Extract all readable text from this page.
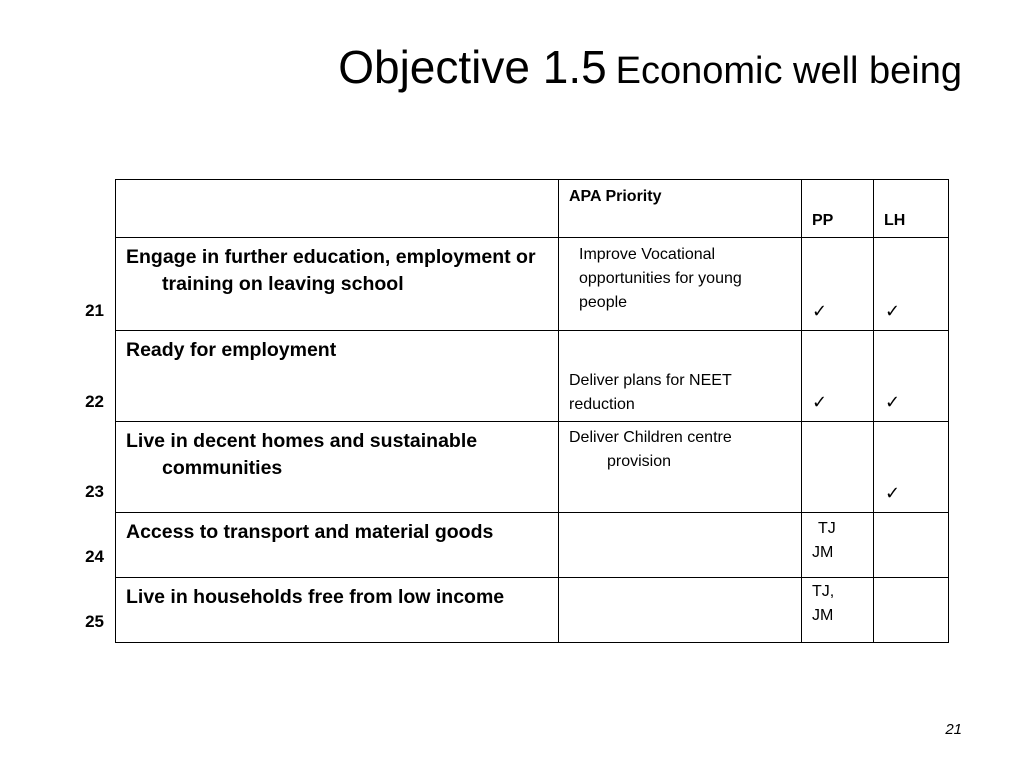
Objective 1.5 Economic well being
21
22
23
24
25

	APA Priority	PP	LH

Engage in further education, employment or training on leaving school	Improve Vocational opportunities for young people	✓	✓

Ready for employment	Deliver plans for NEET reduction	✓	✓

Live in decent homes and sustainable communities	Deliver Children centre provision		✓

Access to transport and material goods		TJ JM	

Live in households free from low income		TJ, JM	

21
